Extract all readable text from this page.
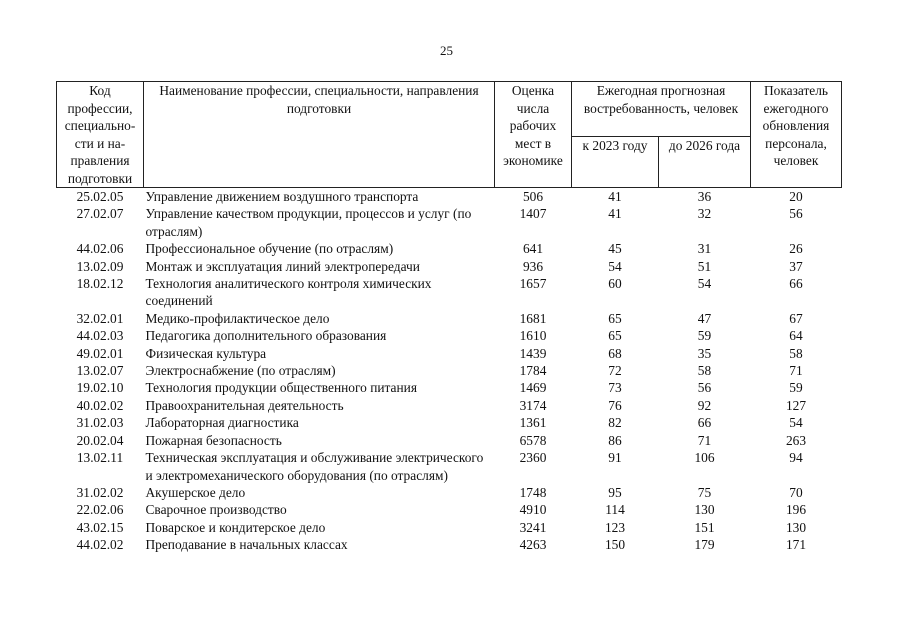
25
Код профессии, специально-сти и на-правления подготовки	Наименование профессии, специальности, направления подготовки	Оценка числа рабочих мест в экономике	Ежегодная прогнозная востребованность, человек		Показатель ежегодного обновления персонала, человек
			к 2023 году	до 2026 года	
25.02.05	Управление движением воздушного транспорта	506	41	36	20
27.02.07	Управление качеством продукции, процессов и услуг (по отраслям)	1407	41	32	56
44.02.06	Профессиональное обучение (по отраслям)	641	45	31	26
13.02.09	Монтаж и эксплуатация линий электропередачи	936	54	51	37
18.02.12	Технология аналитического контроля химических соединений	1657	60	54	66
32.02.01	Медико-профилактическое дело	1681	65	47	67
44.02.03	Педагогика дополнительного образования	1610	65	59	64
49.02.01	Физическая культура	1439	68	35	58
13.02.07	Электроснабжение (по отраслям)	1784	72	58	71
19.02.10	Технология продукции общественного питания	1469	73	56	59
40.02.02	Правоохранительная деятельность	3174	76	92	127
31.02.03	Лабораторная диагностика	1361	82	66	54
20.02.04	Пожарная безопасность	6578	86	71	263
13.02.11	Техническая эксплуатация и обслуживание электрического и электромеханического оборудования (по отраслям)	2360	91	106	94
31.02.02	Акушерское дело	1748	95	75	70
22.02.06	Сварочное производство	4910	114	130	196
43.02.15	Поварское и кондитерское дело	3241	123	151	130
44.02.02	Преподавание в начальных классах	4263	150	179	171
